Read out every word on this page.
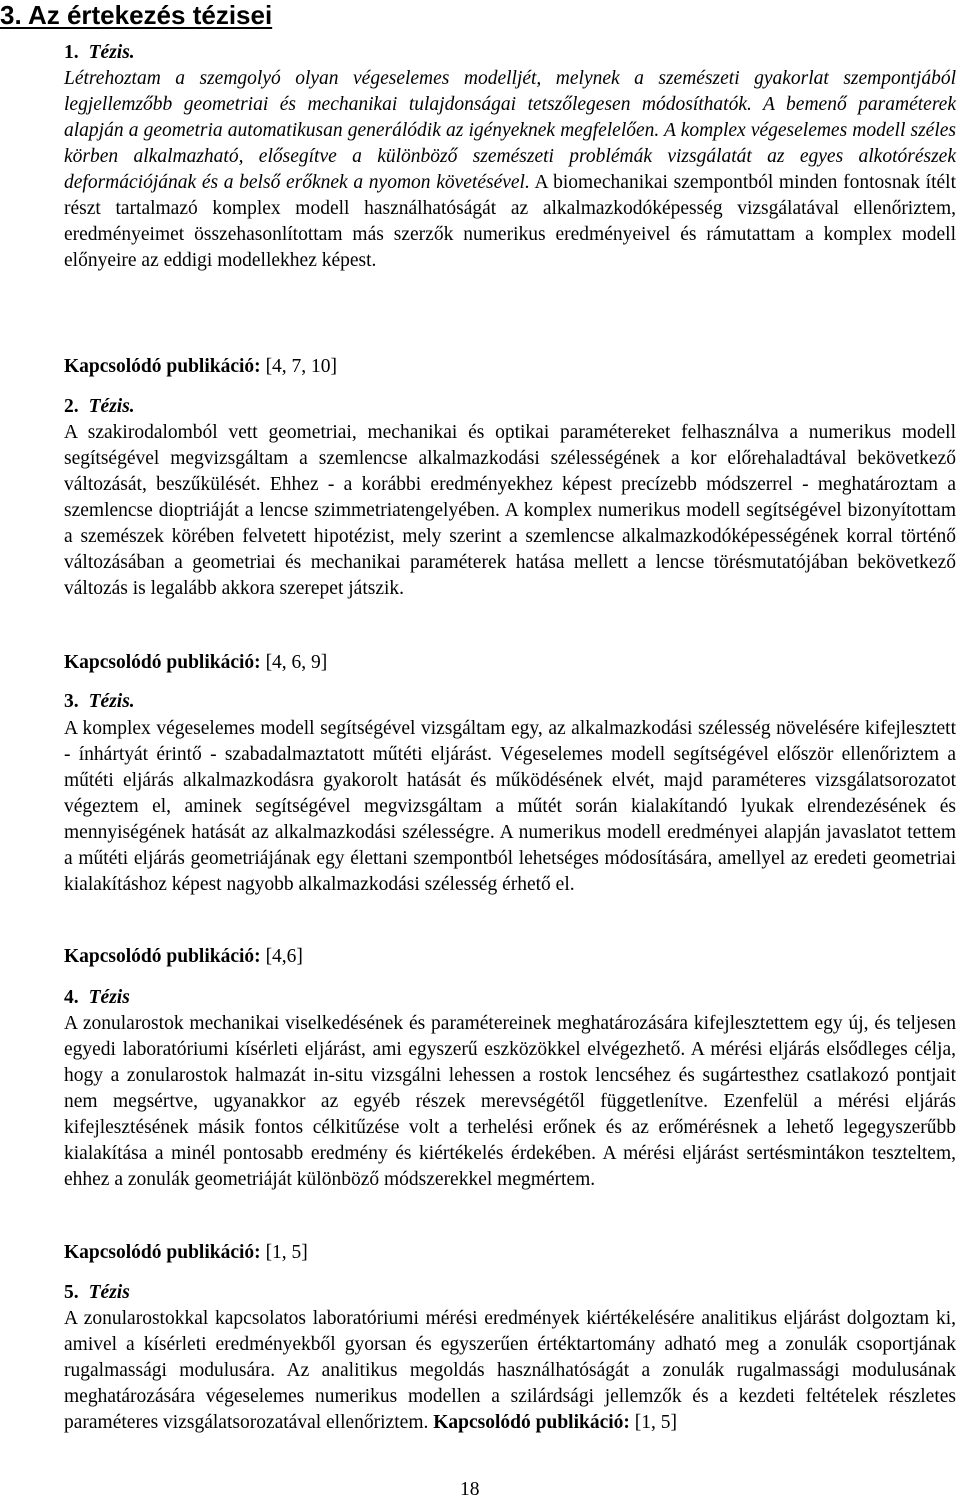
3. Az értekezés tézisei
1. Tézis.

Létrehoztam a szemgolyó olyan végeselemes modelljét, melynek a szemészeti gyakorlat szempontjából legjellemzőbb geometriai és mechanikai tulajdonságai tetszőlegesen módosíthatók. A bemenő paraméterek alapján a geometria automatikusan generálódik az igényeknek megfelelően. A komplex végeselemes modell széles körben alkalmazható, elősegítve a különböző szemészeti problémák vizsgálatát az egyes alkotórészek deformációjának és a belső erőknek a nyomon követésével. A biomechanikai szempontból minden fontosnak ítélt részt tartalmazó komplex modell használhatóságát az alkalmazkodóképesség vizsgálatával ellenőriztem, eredményeimet összehasonlítottam más szerzők numerikus eredményeivel és rámutattam a komplex modell előnyeire az eddigi modellekhez képest.

Kapcsolódó publikáció: [4, 7, 10]

2. Tézis.

A szakirodalomból vett geometriai, mechanikai és optikai paramétereket felhasználva a numerikus modell segítségével megvizsgáltam a szemlencse alkalmazkodási szélességének a kor előrehaladtával bekövetkező változását, beszűkülését. Ehhez - a korábbi eredményekhez képest precízebb módszerrel - meghatároztam a szemlencse dioptriáját a lencse szimmetriatengelyében. A komplex numerikus modell segítségével bizonyítottam a szemészek körében felvetett hipotézist, mely szerint a szemlencse alkalmazkodóképességének korral történő változásában a geometriai és mechanikai paraméterek hatása mellett a lencse törésmutatójában bekövetkező változás is legalább akkora szerepet játszik.

Kapcsolódó publikáció: [4, 6, 9]

3. Tézis.

A komplex végeselemes modell segítségével vizsgáltam egy, az alkalmazkodási szélesség növelésére kifejlesztett - ínhártyát érintő - szabadalmaztatott műtéti eljárást. Végeselemes modell segítségével először ellenőriztem a műtéti eljárás alkalmazkodásra gyakorolt hatását és működésének elvét, majd paraméteres vizsgálatsorozatot végeztem el, aminek segítségével megvizsgáltam a műtét során kialakítandó lyukak elrendezésének és mennyiségének hatását az alkalmazkodási szélességre. A numerikus modell eredményei alapján javaslatot tettem a műtéti eljárás geometriájának egy élettani szempontból lehetséges módosítására, amellyel az eredeti geometriai kialakításhoz képest nagyobb alkalmazkodási szélesség érhető el.

Kapcsolódó publikáció: [4,6]

4. Tézis

A zonularostok mechanikai viselkedésének és paramétereinek meghatározására kifejlesztettem egy új, és teljesen egyedi laboratóriumi kísérleti eljárást, ami egyszerű eszközökkel elvégezhető. A mérési eljárás elsődleges célja, hogy a zonularostok halmazát in-situ vizsgálni lehessen a rostok lencséhez és sugártesthez csatlakozó pontjait nem megsértve, ugyanakkor az egyéb részek merevségétől függetlenítve. Ezenfelül a mérési eljárás kifejlesztésének másik fontos célkitűzése volt a terhelési erőnek és az erőmérésnek a lehető legegyszerűbb kialakítása a minél pontosabb eredmény és kiértékelés érdekében. A mérési eljárást sertésmintákon teszteltem, ehhez a zonulák geometriáját különböző módszerekkel megmértem.

Kapcsolódó publikáció: [1, 5]

5. Tézis

A zonularostokkal kapcsolatos laboratóriumi mérési eredmények kiértékelésére analitikus eljárást dolgoztam ki, amivel a kísérleti eredményekből gyorsan és egyszerűen értéktartomány adható meg a zonulák csoportjának rugalmassági modulusára. Az analitikus megoldás használhatóságát a zonulák rugalmassági modulusának meghatározására végeselemes numerikus modellen a szilárdsági jellemzők és a kezdeti feltételek részletes paraméteres vizsgálatsorozatával ellenőriztem. Kapcsolódó publikáció: [1, 5]

18
